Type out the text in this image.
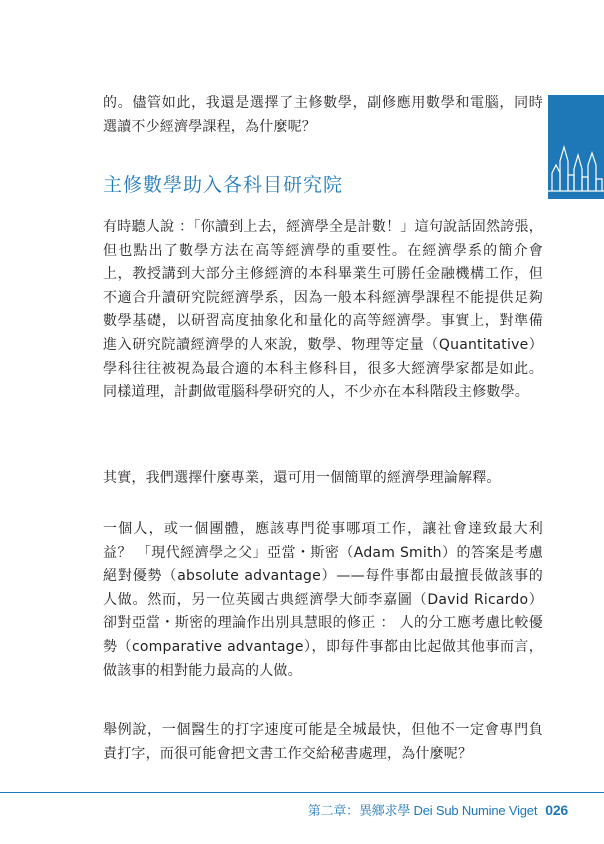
的。儘管如此，我還是選擇了主修數學，副修應用數學和電腦，同時選讀不少經濟學課程，為什麼呢？

主修數學助入各科目研究院

有時聽人說 ：「你讀到上去，經濟學全是計數！」這句說話固然誇張，但也點出了數學方法在高等經濟學的重要性。在經濟學系的簡介會上，教授講到大部分主修經濟的本科畢業生可勝任金融機構工作，但不適合升讀研究院經濟學系，因為一般本科經濟學課程不能提供足夠數學基礎，以研習高度抽象化和量化的高等經濟學。事實上，對準備進入研究院讀經濟學的人來說，數學、物理等定量（Quantitative）學科往往被視為最合適的本科主修科目，很多大經濟學家都是如此。同樣道理，計劃做電腦科學研究的人，不少亦在本科階段主修數學。

其實，我們選擇什麼專業，還可用一個簡單的經濟學理論解釋。

一個人，或一個團體，應該專門從事哪項工作，讓社會達致最大利益？ 「現代經濟學之父」亞當・斯密（Adam Smith）的答案是考慮絕對優勢（absolute advantage）——每件事都由最擅長做該事的人做。然而，另一位英國古典經濟學大師李嘉圖（David Ricardo）卻對亞當・斯密的理論作出別具慧眼的修正 ： 人的分工應考慮比較優勢（comparative advantage），即每件事都由比起做其他事而言，做該事的相對能力最高的人做。

舉例說，一個醫生的打字速度可能是全城最快，但他不一定會專門負責打字，而很可能會把文書工作交給秘書處理，為什麼呢？

第二章：異鄉求學 Dei Sub Numine Viget 026
